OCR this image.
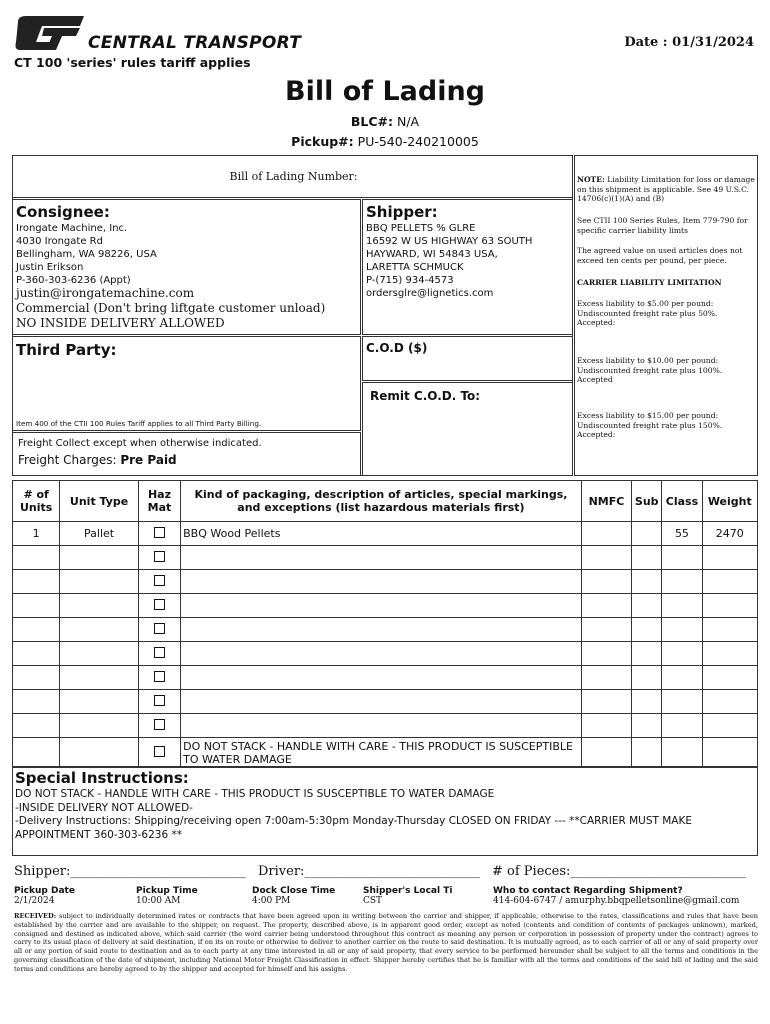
CENTRAL TRANSPORT
CT 100 'series' rules tariff applies
Date : 01/31/2024
Bill of Lading
BLC#: N/A
Pickup#: PU-540-240210005
Bill of Lading Number:
Consignee:
Irongate Machine, Inc.
4030 Irongate Rd
Bellingham, WA 98226, USA
Justin Erikson
P-360-303-6236 (Appt)
justin@irongatemachine.com
Commercial (Don't bring liftgate customer unload)
NO INSIDE DELIVERY ALLOWED
Shipper:
BBQ PELLETS % GLRE
16592 W US HIGHWAY 63 SOUTH
HAYWARD, WI 54843 USA,
LARETTA SCHMUCK
P-(715) 934-4573
ordersglre@lignetics.com
Third Party:
Item 400 of the CTII 100 Rules Tariff applies to all Third Party Billing.
C.O.D ($)
Remit C.O.D. To:
Freight Collect except when otherwise indicated.
Freight Charges: Pre Paid
NOTE: Liability Limitation for loss or damage on this shipment is applicable. See 49 U.S.C. 14706(c)(1)(A) and (B)
See CTII 100 Series Rules, Item 779-790 for specific carrier liability limts
The agreed value on used articles does not exceed ten cents per pound, per piece.
CARRIER LIABILITY LIMITATION
Excess liability to $5.00 per pound:
Undiscounted freight rate plus 50%.
Accepted:
Excess liability to $10.00 per pound:
Undiscounted freight rate plus 100%.
Accepted
Excess liability to $15.00 per pound:
Undiscounted freight rate plus 150%.
Accepted:
# of Units	Unit Type	Haz Mat	Kind of packaging, description of articles, special markings, and exceptions (list hazardous materials first)	NMFC	Sub	Class	Weight
1	Pallet		BBQ Wood Pellets			55	2470

			DO NOT STACK - HANDLE WITH CARE - THIS PRODUCT IS SUSCEPTIBLE TO WATER DAMAGE				
Special Instructions:
DO NOT STACK - HANDLE WITH CARE - THIS PRODUCT IS SUSCEPTIBLE TO WATER DAMAGE
-INSIDE DELIVERY NOT ALLOWED-
-Delivery Instructions: Shipping/receiving open 7:00am-5:30pm Monday-Thursday CLOSED ON FRIDAY --- **CARRIER MUST MAKE APPOINTMENT 360-303-6236 **
Shipper:___________________________ Driver:___________________________ # of Pieces:___________________________
Pickup Date
2/1/2024
Pickup Time
10:00 AM
Dock Close Time
4:00 PM
Shipper's Local Ti
CST
Who to contact Regarding Shipment?
414-604-6747 / amurphy.bbqpelletsonline@gmail.com
RECEIVED: subject to individually determined rates or contracts that have been agreed upon in writing between the carrier and shipper, if applicable, otherwise to the rates, classifications and rules that have been established by the carrier and are available to the shipper, on request. The property, described above, is in apparent good order, except as noted (contents and condition of contents of packages unknown), marked, consigned and destined as indicated above, which said carrier (the word carrier being understood throughout this contract as meaning any person or corporation in possession of property under the contract) agrees to carry to its usual place of delivery at said destination, if on its on route or otherwise to deliver to another carrier on the route to said destination. It is mutually agreed, as to each carrier of all or any of said property over all or any portion of said route to destination and as to each party at any time interested in all or any of said property, that every service to be performed hereunder shall be subject to all the terms and conditions in the governing classification of the date of shipment, including National Motor Freight Classification in effect. Shipper hereby certifies that he is familiar with all the terms and conditions of the said bill of lading and the said terms and conditions are hereby agreed to by the shipper and accepted for himself and his assigns.
